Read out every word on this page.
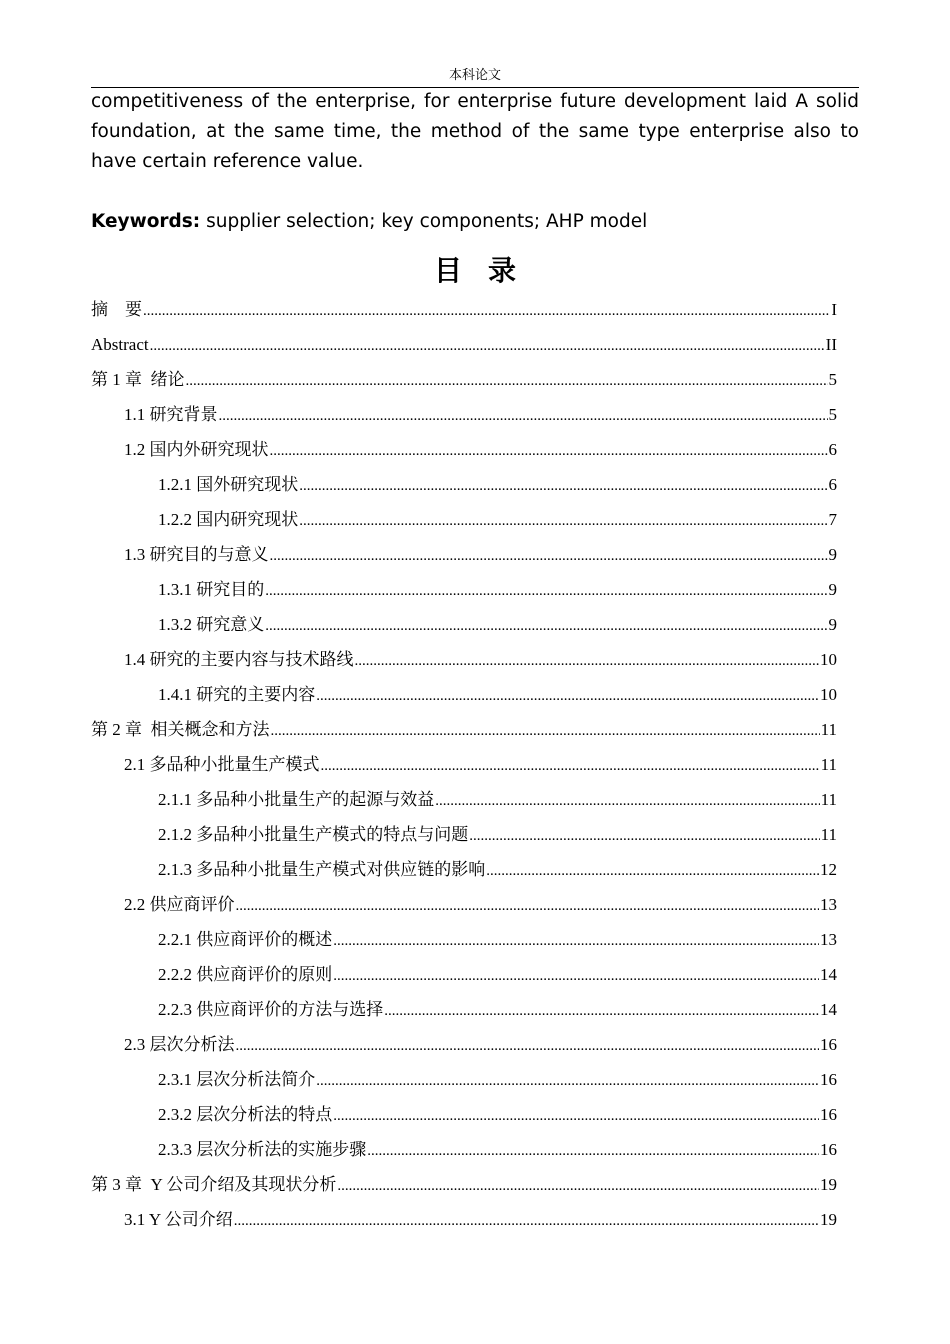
本科论文

competitiveness of the enterprise, for enterprise future development laid A solid foundation, at the same time, the method of the same type enterprise also to have certain reference value.

Keywords: supplier selection; key components; AHP model
目录
摘　要 .....	I
Abstract .....	II
第 1 章  绪论 .....	5
1.1 研究背景 .....	5
1.2 国内外研究现状 .....	6
1.2.1 国外研究现状 .....	6
1.2.2 国内研究现状 .....	7
1.3 研究目的与意义 .....	9
1.3.1 研究目的 .....	9
1.3.2 研究意义 .....	9
1.4 研究的主要内容与技术路线 .....	10
1.4.1 研究的主要内容 .....	10
第 2 章  相关概念和方法 .....	11
2.1 多品种小批量生产模式 .....	11
2.1.1 多品种小批量生产的起源与效益 .....	11
2.1.2 多品种小批量生产模式的特点与问题 .....	11
2.1.3 多品种小批量生产模式对供应链的影响 .....	12
2.2 供应商评价 .....	13
2.2.1 供应商评价的概述 .....	13
2.2.2 供应商评价的原则 .....	14
2.2.3 供应商评价的方法与选择 .....	14
2.3 层次分析法 .....	16
2.3.1 层次分析法简介 .....	16
2.3.2 层次分析法的特点 .....	16
2.3.3 层次分析法的实施步骤 .....	16
第 3 章  Y 公司介绍及其现状分析 .....	19
3.1 Y 公司介绍 .....	19
